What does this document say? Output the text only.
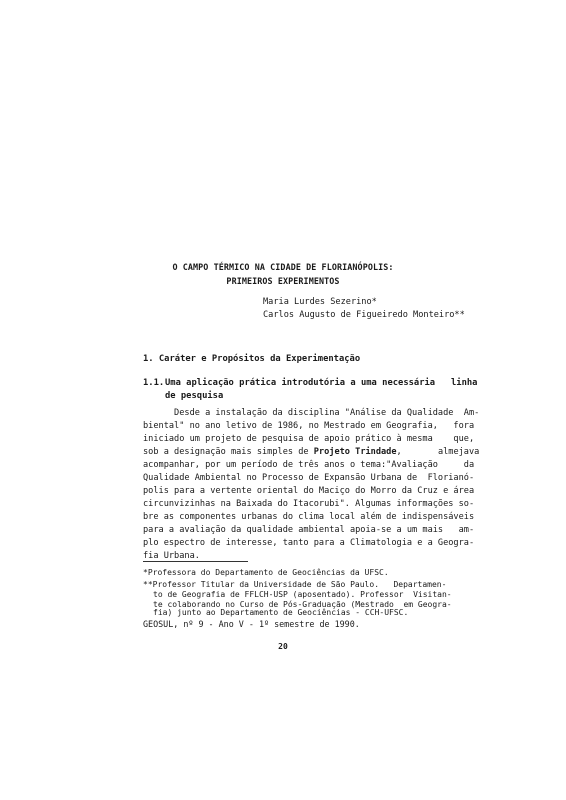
O CAMPO TÉRMICO NA CIDADE DE FLORIANÓPOLIS:
PRIMEIROS EXPERIMENTOS
Maria Lurdes Sezerino*
Carlos Augusto de Figueiredo Monteiro**
1. Caráter e Propósitos da Experimentação
1.1. Uma aplicação prática introdutória a uma necessária   linha
de pesquisa
Desde a instalação da disciplina "Análise da Qualidade  Am-
biental" no ano letivo de 1986, no Mestrado em Geografia,   fora
iniciado um projeto de pesquisa de apoio prático à mesma    que,
sob a designação mais simples de Projeto Trindade,       almejava
acompanhar, por um período de três anos o tema:"Avaliação     da
Qualidade Ambiental no Processo de Expansão Urbana de  Florianó-
polis para a vertente oriental do Maciço do Morro da Cruz e área
circunvizinhas na Baixada do Itacorubi". Algumas informações so-
bre as componentes urbanas do clima local além de indispensáveis
para a avaliação da qualidade ambiental apoia-se a um mais   am-
plo espectro de interesse, tanto para a Climatologia e a Geogra-
fia Urbana.
*Professora do Departamento de Geociências da UFSC.
**Professor Titular da Universidade de São Paulo.   Departamen-
to de Geografia de FFLCH-USP (aposentado). Professor  Visitan-
te colaborando no Curso de Pós-Graduação (Mestrado  em Geogra-
fia) junto ao Departamento de Geociências - CCH-UFSC.
GEOSUL, nº 9 - Ano V - 1º semestre de 1990.
20
